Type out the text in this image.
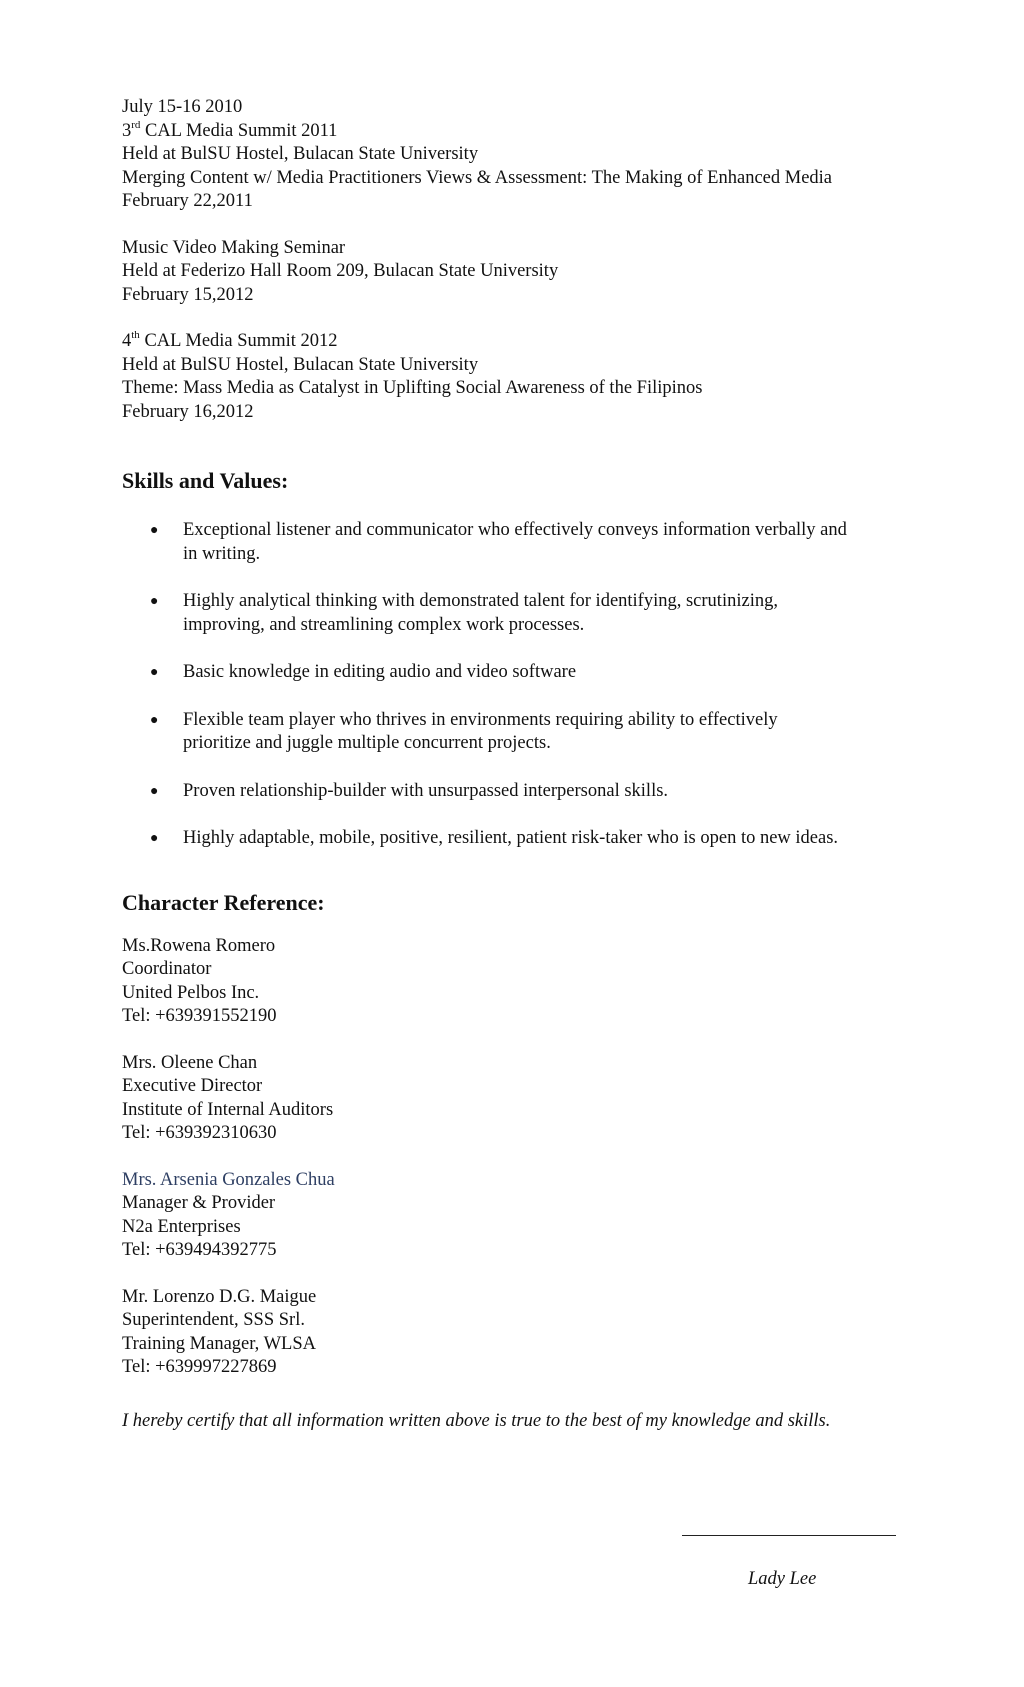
July 15-16 2010
3rd CAL Media Summit 2011
Held at BulSU Hostel, Bulacan State University
Merging Content w/ Media Practitioners Views & Assessment: The Making of Enhanced Media
February 22,2011
Music Video Making Seminar
Held at Federizo Hall Room 209, Bulacan State University
February 15,2012
4th CAL Media Summit 2012
Held at BulSU Hostel, Bulacan State University
Theme: Mass Media as Catalyst in Uplifting Social Awareness of the Filipinos
February 16,2012
Skills and Values:
● Exceptional listener and communicator who effectively conveys information verbally and
in writing.
● Highly analytical thinking with demonstrated talent for identifying, scrutinizing,
improving, and streamlining complex work processes.
● Basic knowledge in editing audio and video software
● Flexible team player who thrives in environments requiring ability to effectively
prioritize and juggle multiple concurrent projects.
● Proven relationship-builder with unsurpassed interpersonal skills.
● Highly adaptable, mobile, positive, resilient, patient risk-taker who is open to new ideas.
Character Reference:
Ms.Rowena Romero
Coordinator
United Pelbos Inc.
Tel: +639391552190
Mrs. Oleene Chan
Executive Director
Institute of Internal Auditors
Tel: +639392310630
Mrs. Arsenia Gonzales Chua
Manager & Provider
N2a Enterprises
Tel: +639494392775
Mr. Lorenzo D.G. Maigue
Superintendent, SSS Srl.
Training Manager, WLSA
Tel: +639997227869
I hereby certify that all information written above is true to the best of my knowledge and skills.
Lady Lee
